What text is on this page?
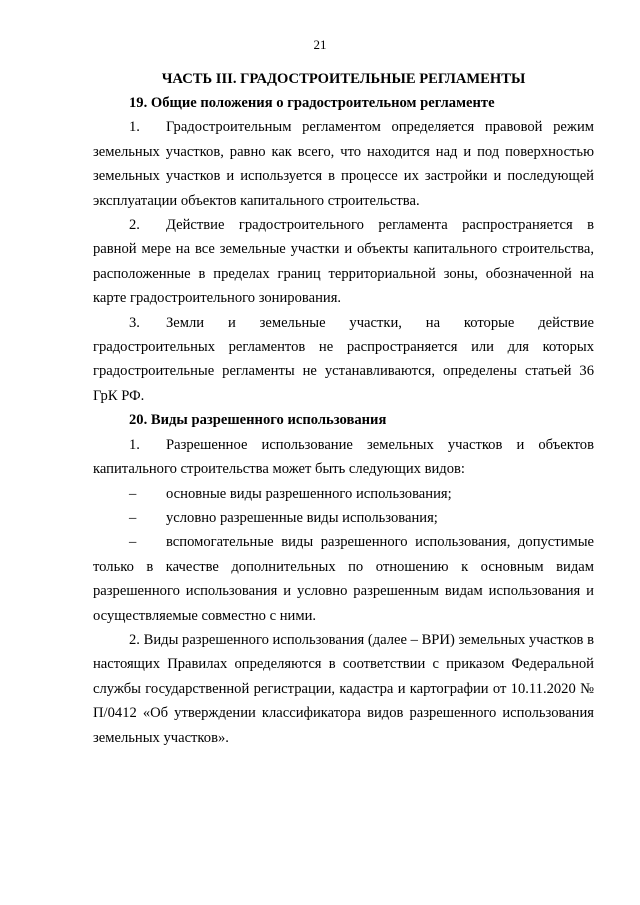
21
ЧАСТЬ III. ГРАДОСТРОИТЕЛЬНЫЕ РЕГЛАМЕНТЫ
19. Общие положения о градостроительном регламенте

1. Градостроительным регламентом определяется правовой режим земельных участков, равно как всего, что находится над и под поверхностью земельных участков и используется в процессе их застройки и последующей эксплуатации объектов капитального строительства.

2. Действие градостроительного регламента распространяется в равной мере на все земельные участки и объекты капитального строительства, расположенные в пределах границ территориальной зоны, обозначенной на карте градостроительного зонирования.

3. Земли и земельные участки, на которые действие градостроительных регламентов не распространяется или для которых градостроительные регламенты не устанавливаются, определены статьей 36 ГрК РФ.

20. Виды разрешенного использования

1. Разрешенное использование земельных участков и объектов капитального строительства может быть следующих видов:

– основные виды разрешенного использования;

– условно разрешенные виды использования;

– вспомогательные виды разрешенного использования, допустимые только в качестве дополнительных по отношению к основным видам разрешенного использования и условно разрешенным видам использования и осуществляемые совместно с ними.

2. Виды разрешенного использования (далее – ВРИ) земельных участков в настоящих Правилах определяются в соответствии с приказом Федеральной службы государственной регистрации, кадастра и картографии от 10.11.2020 № П/0412 «Об утверждении классификатора видов разрешенного использования земельных участков».
